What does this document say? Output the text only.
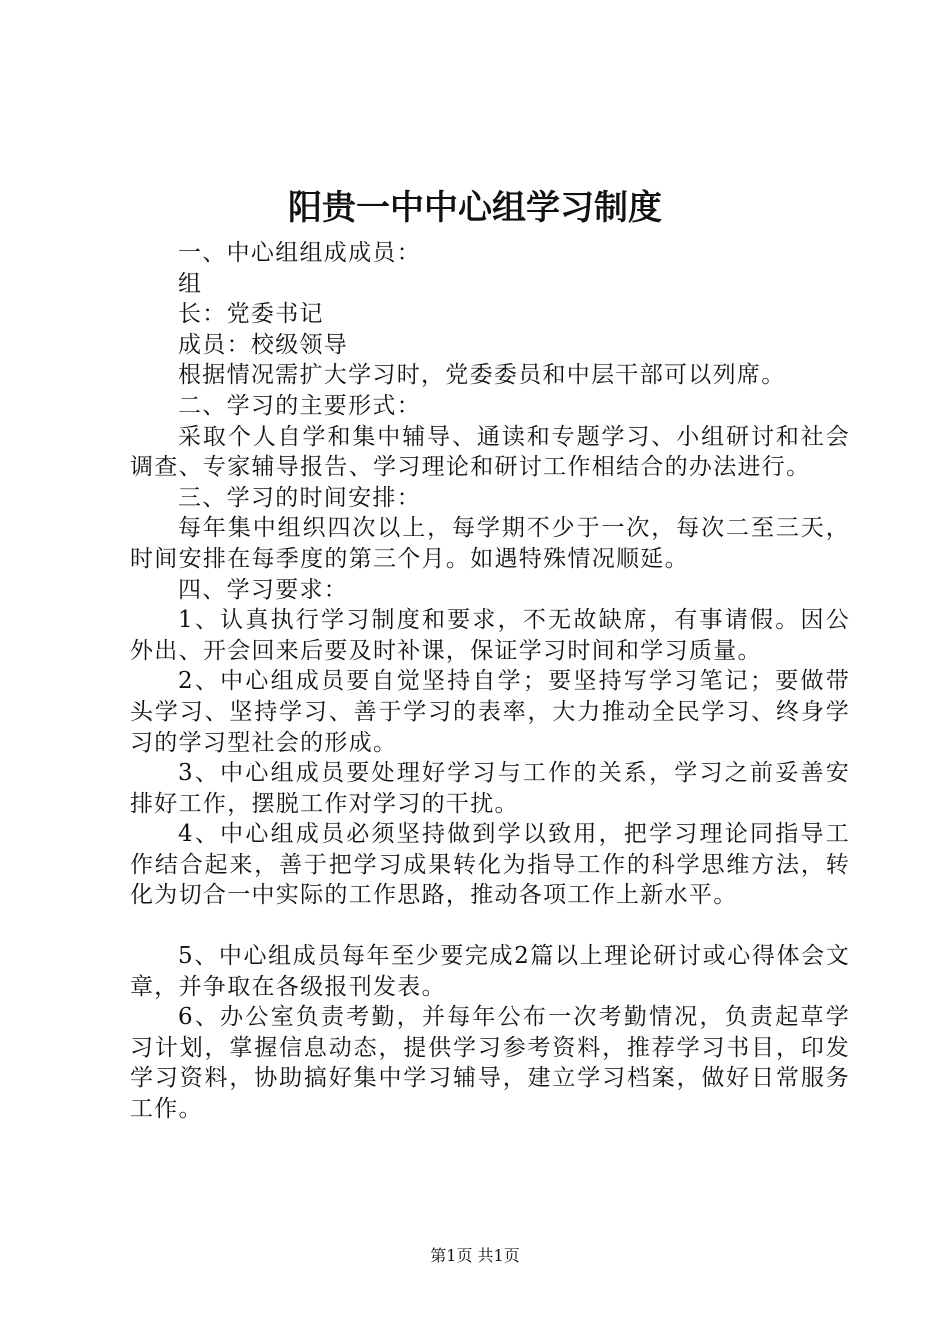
阳贵一中中心组学习制度

一、中心组组成成员：

组

长：党委书记

成员：校级领导

根据情况需扩大学习时，党委委员和中层干部可以列席。

二、学习的主要形式：

采取个人自学和集中辅导、通读和专题学习、小组研讨和社会调查、专家辅导报告、学习理论和研讨工作相结合的办法进行。

三、学习的时间安排：

每年集中组织四次以上，每学期不少于一次，每次二至三天，时间安排在每季度的第三个月。如遇特殊情况顺延。

四、学习要求：

1、认真执行学习制度和要求，不无故缺席，有事请假。因公外出、开会回来后要及时补课，保证学习时间和学习质量。

2、中心组成员要自觉坚持自学；要坚持写学习笔记；要做带头学习、坚持学习、善于学习的表率，大力推动全民学习、终身学习的学习型社会的形成。

3、中心组成员要处理好学习与工作的关系，学习之前妥善安排好工作，摆脱工作对学习的干扰。

4、中心组成员必须坚持做到学以致用，把学习理论同指导工作结合起来，善于把学习成果转化为指导工作的科学思维方法，转化为切合一中实际的工作思路，推动各项工作上新水平。

5、中心组成员每年至少要完成2篇以上理论研讨或心得体会文章，并争取在各级报刊发表。

6、办公室负责考勤，并每年公布一次考勤情况，负责起草学习计划，掌握信息动态，提供学习参考资料，推荐学习书目，印发学习资料，协助搞好集中学习辅导，建立学习档案，做好日常服务工作。

第1页 共1页
